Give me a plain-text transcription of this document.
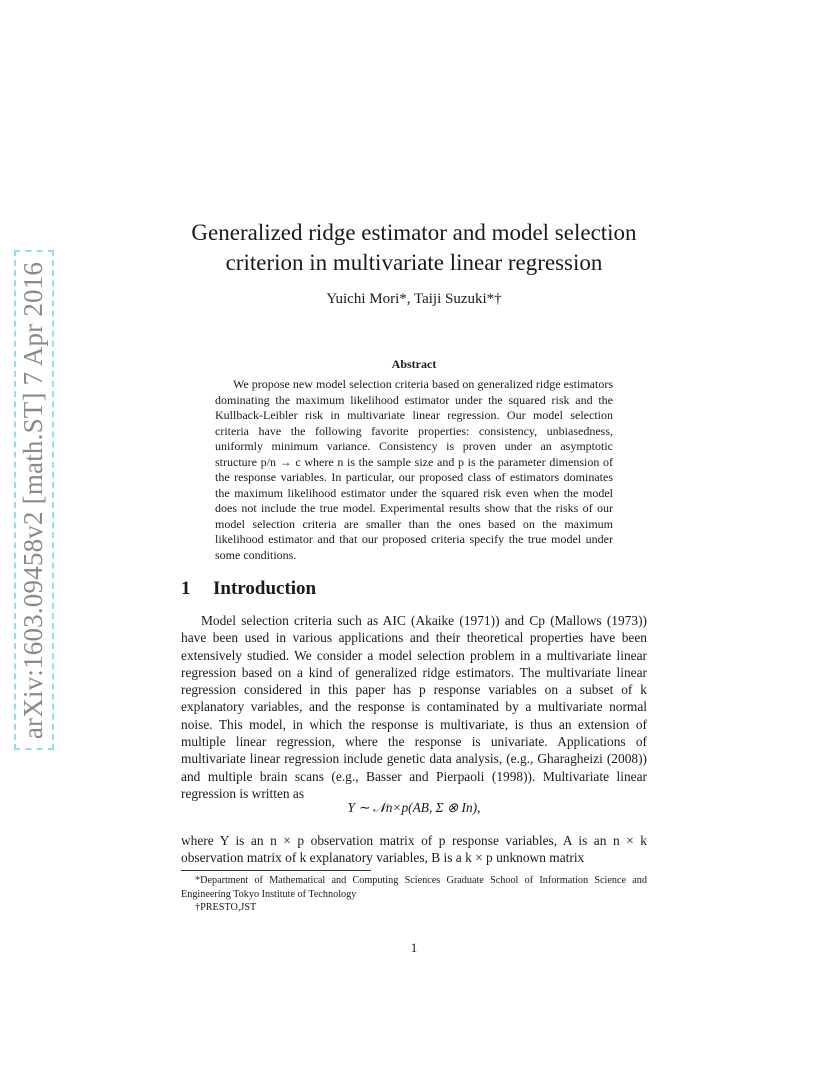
arXiv:1603.09458v2 [math.ST] 7 Apr 2016
Generalized ridge estimator and model selection
criterion in multivariate linear regression
Yuichi Mori*, Taiji Suzuki*†
Abstract
We propose new model selection criteria based on generalized ridge estimators dominating the maximum likelihood estimator under the squared risk and the Kullback-Leibler risk in multivariate linear regression. Our model selection criteria have the following favorite properties: consistency, unbiasedness, uniformly minimum variance. Consistency is proven under an asymptotic structure p/n → c where n is the sample size and p is the parameter dimension of the response variables. In particular, our proposed class of estimators dominates the maximum likelihood estimator under the squared risk even when the model does not include the true model. Experimental results show that the risks of our model selection criteria are smaller than the ones based on the maximum likelihood estimator and that our proposed criteria specify the true model under some conditions.
1 Introduction
Model selection criteria such as AIC (Akaike (1971)) and Cp (Mallows (1973)) have been used in various applications and their theoretical properties have been extensively studied. We consider a model selection problem in a multivariate linear regression based on a kind of generalized ridge estimators. The multivariate linear regression considered in this paper has p response variables on a subset of k explanatory variables, and the response is contaminated by a multivariate normal noise. This model, in which the response is multivariate, is thus an extension of multiple linear regression, where the response is univariate. Applications of multivariate linear regression include genetic data analysis, (e.g., Gharagheizi (2008)) and multiple brain scans (e.g., Basser and Pierpaoli (1998)). Multivariate linear regression is written as
Y ∼ 𝒩n×p(AB, Σ ⊗ In),
where Y is an n × p observation matrix of p response variables, A is an n × k observation matrix of k explanatory variables, B is a k × p unknown matrix

*Department of Mathematical and Computing Sciences Graduate School of Information Science and Engineering Tokyo Institute of Technology

†PRESTO,JST

1
